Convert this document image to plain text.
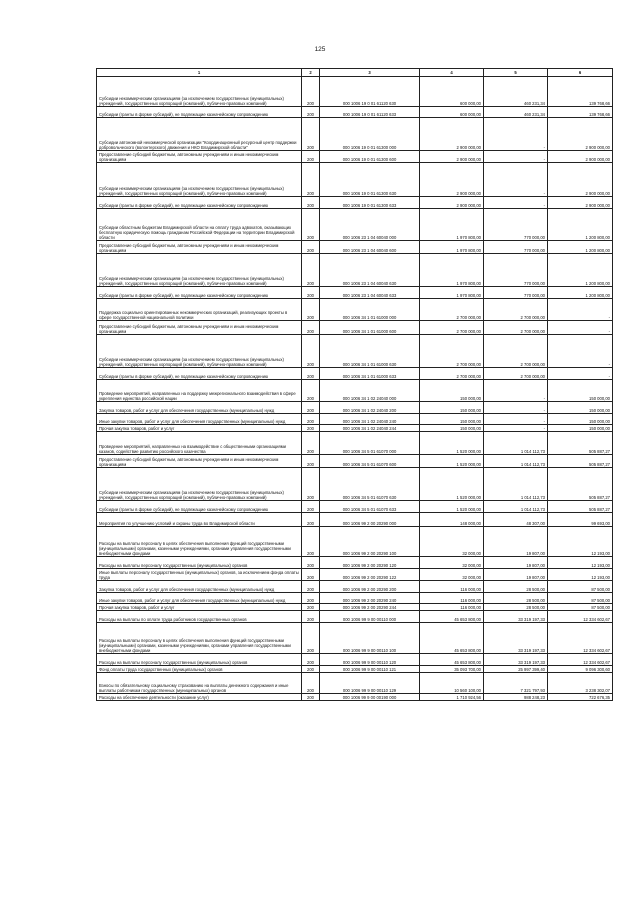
125
1	2	3	4	5	6
Субсидии некоммерческим организациям (за исключением государственных (муниципальных) учреждений, государственных корпораций (компаний), публично-правовых компаний)	200	000 1006 19 0 01 61120 630	600 000,00	460 231,34	139 768,66
Субсидии (гранты в форме субсидий), не подлежащие казначейскому сопровождению	200	000 1006 19 0 01 61120 633	600 000,00	460 231,34	139 768,66
Субсидии автономной некоммерческой организации "Координационный ресурсный центр поддержки добровольческого (волонтерского) движения и НКО Владимирской области"	200	000 1006 19 0 01 61300 000	2 900 000,00	-	2 900 000,00
Предоставление субсидий бюджетным, автономным учреждениям и иным некоммерческим организациям	200	000 1006 19 0 01 61300 600	2 900 000,00	-	2 900 000,00
Субсидии некоммерческим организациям (за исключением государственных (муниципальных) учреждений, государственных корпораций (компаний), публично-правовых компаний)	200	000 1006 19 0 01 61300 630	2 900 000,00	-	2 900 000,00
Субсидии (гранты в форме субсидий), не подлежащие казначейскому сопровождению	200	000 1006 19 0 01 61300 633	2 900 000,00	-	2 900 000,00
Субсидии областным бюджетам Владимирской области на оплату труда адвокатов, оказывающих бесплатную юридическую помощь гражданам Российской Федерации на территории Владимирской области	200	000 1006 23 1 04 60040 000	1 970 800,00	770 000,00	1 200 800,00
Предоставление субсидий бюджетным, автономным учреждениям и иным некоммерческим организациям	200	000 1006 23 1 04 60040 600	1 970 800,00	770 000,00	1 200 800,00
Субсидии некоммерческим организациям (за исключением государственных (муниципальных) учреждений, государственных корпораций (компаний), публично-правовых компаний)	200	000 1006 23 1 04 60040 630	1 970 800,00	770 000,00	1 200 800,00
Субсидии (гранты в форме субсидий), не подлежащие казначейскому сопровождению	200	000 1006 23 1 04 60040 633	1 970 800,00	770 000,00	1 200 800,00
Поддержка социально ориентированных некоммерческих организаций, реализующих проекты в сфере государственной национальной политики	200	000 1006 34 1 01 61000 000	2 700 000,00	2 700 000,00	-
Предоставление субсидий бюджетным, автономным учреждениям и иным некоммерческим организациям	200	000 1006 34 1 01 61000 600	2 700 000,00	2 700 000,00	-
Субсидии некоммерческим организациям (за исключением государственных (муниципальных) учреждений, государственных корпораций (компаний), публично-правовых компаний)	200	000 1006 34 1 01 61000 630	2 700 000,00	2 700 000,00	-
Субсидии (гранты в форме субсидий), не подлежащие казначейскому сопровождению	200	000 1006 34 1 01 61000 633	2 700 000,00	2 700 000,00	-
Проведение мероприятий, направленных на поддержку межрегионального взаимодействия в сфере укрепления единства российской нации	200	000 1006 34 1 02 24040 000	150 000,00	-	150 000,00
Закупка товаров, работ и услуг для обеспечения государственных (муниципальных) нужд	200	000 1006 34 1 02 24040 200	150 000,00	-	150 000,00
Иные закупки товаров, работ и услуг для обеспечения государственных (муниципальных) нужд	200	000 1006 34 1 02 24040 240	150 000,00	-	150 000,00
Прочая закупка товаров, работ и услуг	200	000 1006 34 1 02 24040 244	150 000,00	-	150 000,00
Проведение мероприятий, направленных на взаимодействие с общественными организациями казаков, содействие развитию российского казачества	200	000 1006 34 5 01 61070 000	1 520 000,00	1 014 112,73	505 887,27
Предоставление субсидий бюджетным, автономным учреждениям и иным некоммерческим организациям	200	000 1006 34 5 01 61070 600	1 520 000,00	1 014 112,73	505 887,27
Субсидии некоммерческим организациям (за исключением государственных (муниципальных) учреждений, государственных корпораций (компаний), публично-правовых компаний)	200	000 1006 34 5 01 61070 630	1 520 000,00	1 014 112,73	505 887,27
Субсидии (гранты в форме субсидий), не подлежащие казначейскому сопровождению	200	000 1006 34 5 01 61070 633	1 520 000,00	1 014 112,73	505 887,27
Мероприятия по улучшению условий и охраны труда во Владимирской области	200	000 1006 99 2 00 20290 000	148 000,00	48 307,00	99 693,00
Расходы на выплаты персоналу в целях обеспечения выполнения функций государственными (муниципальными) органами, казенными учреждениями, органами управления государственными внебюджетными фондами	200	000 1006 99 2 00 20290 100	32 000,00	19 807,00	12 193,00
Расходы на выплаты персоналу государственных (муниципальных) органов	200	000 1006 99 2 00 20290 120	32 000,00	19 807,00	12 193,00
Иные выплаты персоналу государственных (муниципальных) органов, за исключением фонда оплаты труда	200	000 1006 99 2 00 20290 122	32 000,00	19 807,00	12 193,00
Закупка товаров, работ и услуг для обеспечения государственных (муниципальных) нужд	200	000 1006 99 2 00 20290 200	116 000,00	28 500,00	87 500,00
Иные закупки товаров, работ и услуг для обеспечения государственных (муниципальных) нужд	200	000 1006 99 2 00 20290 240	116 000,00	28 500,00	87 500,00
Прочая закупка товаров, работ и услуг	200	000 1006 99 2 00 20290 244	116 000,00	28 500,00	87 500,00
Расходы на выплаты по оплате труда работников государственных органов	200	000 1006 99 9 00 00110 000	45 653 800,00	33 319 197,33	12 334 602,67
Расходы на выплаты персоналу в целях обеспечения выполнения функций государственными (муниципальными) органами, казенными учреждениями, органами управления государственными внебюджетными фондами	200	000 1006 99 9 00 00110 100	45 653 800,00	33 319 197,33	12 334 602,67
Расходы на выплаты персоналу государственных (муниципальных) органов	200	000 1006 99 9 00 00110 120	45 653 800,00	33 319 197,33	12 334 602,67
Фонд оплаты труда государственных (муниципальных) органов	200	000 1006 99 9 00 00110 121	35 093 700,00	25 997 399,40	9 096 300,60
Взносы по обязательному социальному страхованию на выплаты денежного содержания и иные выплаты работникам государственных (муниципальных) органов	200	000 1006 99 9 00 00110 129	10 560 100,00	7 321 797,93	3 238 302,07
Расходы на обеспечение деятельности (оказание услуг)	200	000 1006 99 9 00 00190 000	1 710 924,56	988 248,23	722 676,35
